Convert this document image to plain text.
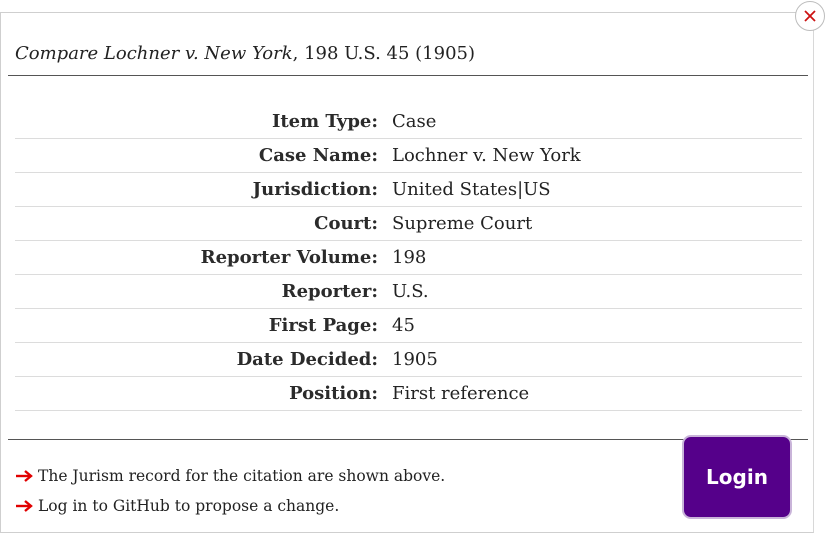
Compare Lochner v. New York, 198 U.S. 45 (1905)
Item Type: Case
Case Name: Lochner v. New York
Jurisdiction: United States|US
Court: Supreme Court
Reporter Volume: 198
Reporter: U.S.
First Page: 45
Date Decided: 1905
Position: First reference
The Jurism record for the citation are shown above.
Log in to GitHub to propose a change.
Login
